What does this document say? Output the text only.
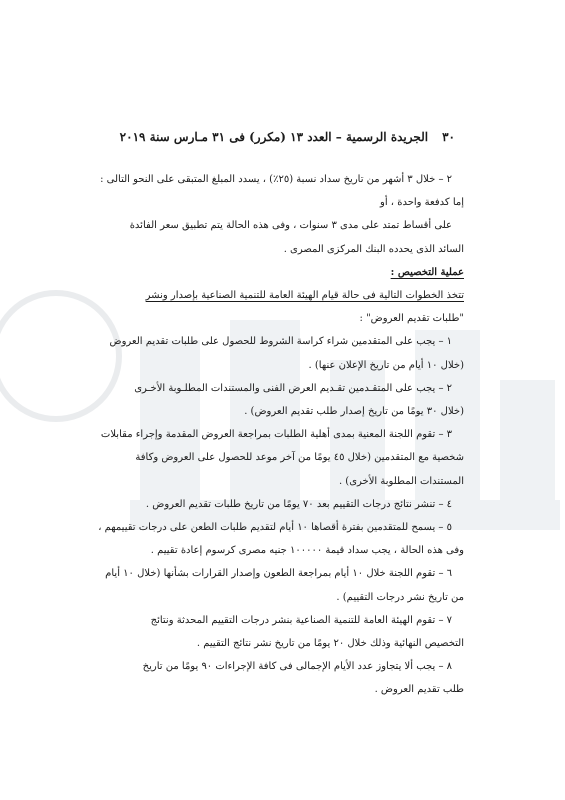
٣٠
الجريدة الرسمية – العدد ١٣ (مكرر) فى ٣١ مـارس سنة ٢٠١٩

٢ – خلال ٣ أشهر من تاريخ سداد نسبة (٢٥٪) ، يسدد المبلغ المتبقى على النحو التالى :

إما كدفعة واحدة ، أو

على أقساط تمتد على مدى ٣ سنوات ، وفى هذه الحالة يتم تطبيق سعر الفائدة

السائد الذى يحدده البنك المركزى المصرى .

عملية التخصيص :

تتخذ الخطوات التالية فى حالة قيام الهيئة العامة للتنمية الصناعية بإصدار ونشر

"طلبات تقديم العروض" :

١ – يجب على المتقدمين شراء كراسة الشروط للحصول على طلبات تقديم العروض

(خلال ١٠ أيام من تاريخ الإعلان عنها) .

٢ – يجب على المتقـدمين تقـديم العرض الفنى والمستندات المطلـوبة الأخـرى

(خلال ٣٠ يومًا من تاريخ إصدار طلب تقديم العروض) .

٣ – تقوم اللجنة المعنية بمدى أهلية الطلبات بمراجعة العروض المقدمة وإجراء مقابلات

شخصية مع المتقدمين (خلال ٤٥ يومًا من آخر موعد للحصول على العروض وكافة

المستندات المطلوبة الأخرى) .

٤ – تنشر نتائج درجات التقييم بعد ٧٠ يومًا من تاريخ طلبات تقديم العروض .

٥ – يسمح للمتقدمين بفترة أقصاها ١٠ أيام لتقديم طلبات الطعن على درجات تقييمهم ،

وفى هذه الحالة ، يجب سداد قيمة ١٠٠٠٠٠ جنيه مصرى كرسوم إعادة تقييم .

٦ – تقوم اللجنة خلال ١٠ أيام بمراجعة الطعون وإصدار القرارات بشأنها (خلال ١٠ أيام

من تاريخ نشر درجات التقييم) .

٧ – تقوم الهيئة العامة للتنمية الصناعية بنشر درجات التقييم المحدثة ونتائج

التخصيص النهائية وذلك خلال ٢٠ يومًا من تاريخ نشر نتائج التقييم .

٨ – يجب ألا يتجاوز عدد الأيام الإجمالى فى كافة الإجراءات ٩٠ يومًا من تاريخ

طلب تقديم العروض .
